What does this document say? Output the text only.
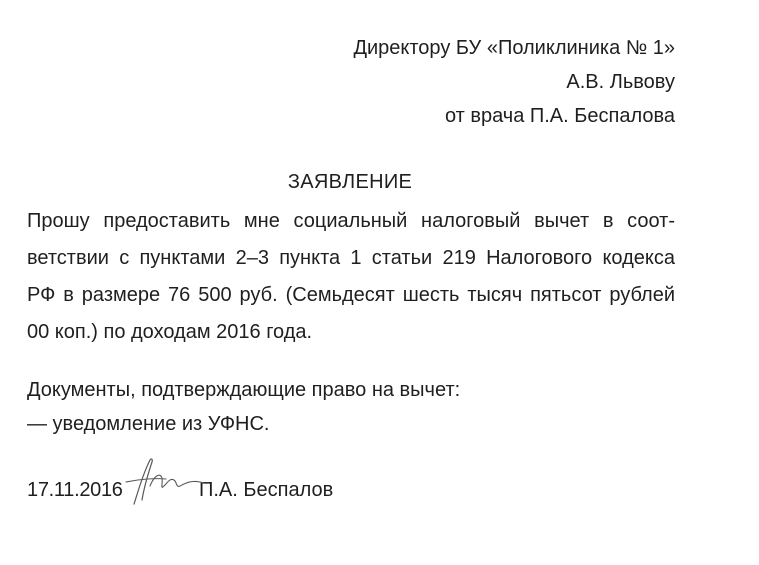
Директору БУ «Поликлиника № 1»
А.В. Львову
от врача П.А. Беспалова
ЗАЯВЛЕНИЕ
Прошу предоставить мне социальный налоговый вычет в соот-
ветствии с пунктами 2–3 пункта 1 статьи 219 Налогового кодекса
РФ в размере 76 500 руб. (Семьдесят шесть тысяч пятьсот рублей
00 коп.) по доходам 2016 года.
Документы, подтверждающие право на вычет:
— уведомление из УФНС.
17.11.2016	П.А. Беспалов
